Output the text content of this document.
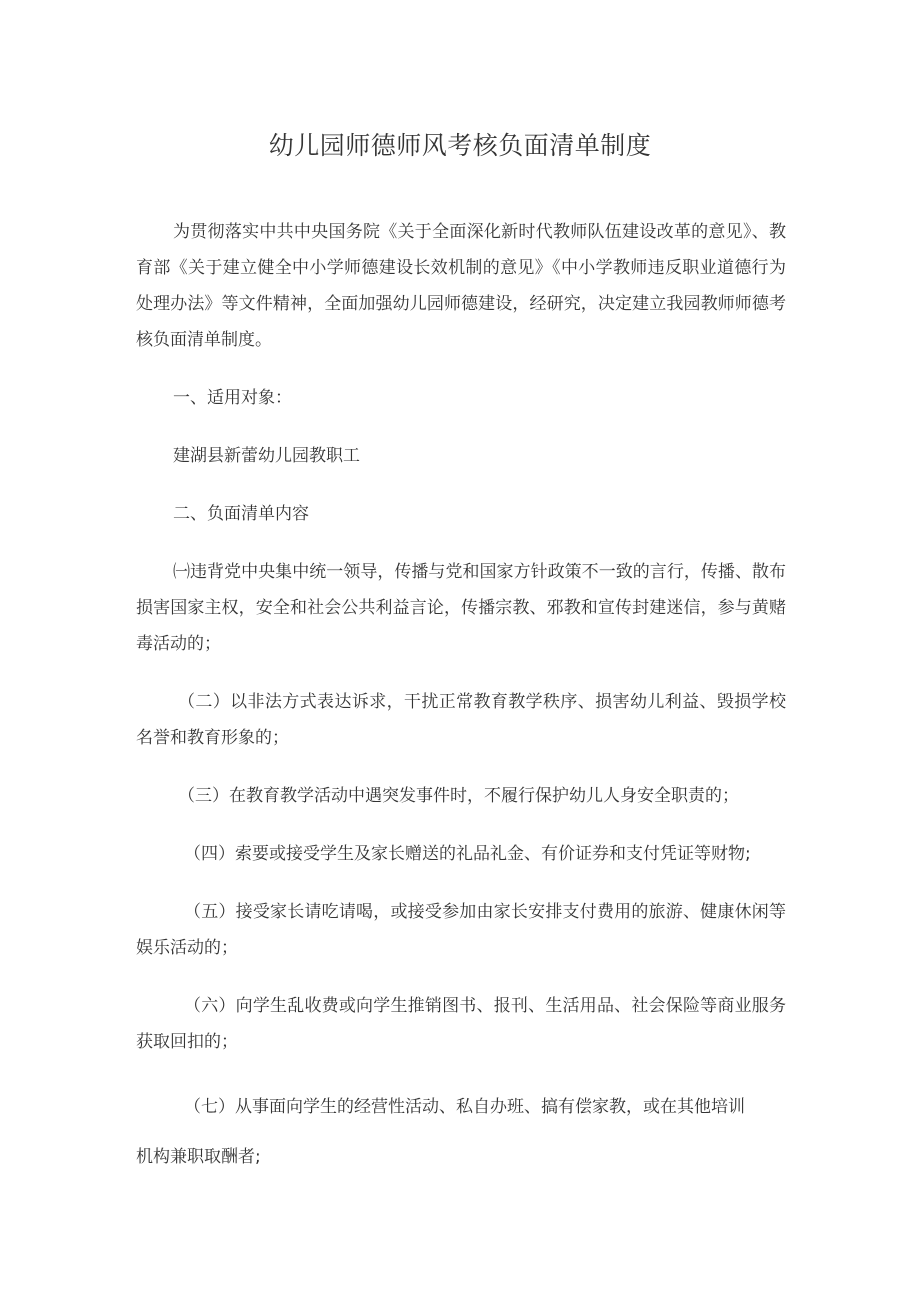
幼儿园师德师风考核负面清单制度

为贯彻落实中共中央国务院《关于全面深化新时代教师队伍建设改革的意见》、教育部《关于建立健全中小学师德建设长效机制的意见》《中小学教师违反职业道德行为处理办法》等文件精神，全面加强幼儿园师德建设，经研究，决定建立我园教师师德考核负面清单制度。

一、适用对象：

建湖县新蕾幼儿园教职工

二、负面清单内容

㈠违背党中央集中统一领导，传播与党和国家方针政策不一致的言行，传播、散布损害国家主权，安全和社会公共利益言论，传播宗教、邪教和宣传封建迷信，参与黄赌毒活动的；

（二）以非法方式表达诉求，干扰正常教育教学秩序、损害幼儿利益、毁损学校名誉和教育形象的；

（三）在教育教学活动中遇突发事件时，不履行保护幼儿人身安全职责的；

（四）索要或接受学生及家长赠送的礼品礼金、有价证券和支付凭证等财物;

（五）接受家长请吃请喝，或接受参加由家长安排支付费用的旅游、健康休闲等娱乐活动的；

（六）向学生乱收费或向学生推销图书、报刊、生活用品、社会保险等商业服务获取回扣的；

（七）从事面向学生的经营性活动、私自办班、搞有偿家教，或在其他培训
机构兼职取酬者;
